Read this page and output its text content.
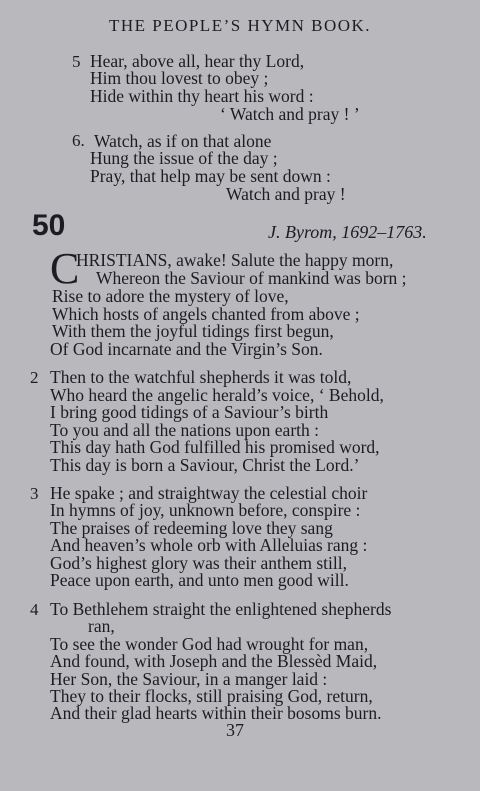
THE PEOPLE’S HYMN BOOK.
5 Hear, above all, hear thy Lord,
Him thou lovest to obey ;
Hide within thy heart his word :
‘ Watch and pray ! ’
6. Watch, as if on that alone
Hung the issue of the day ;
Pray, that help may be sent down :
Watch and pray !
50	J. Byrom, 1692–1763.
C
HRISTIANS, awake! Salute the happy morn,
Whereon the Saviour of mankind was born ;
Rise to adore the mystery of love,
Which hosts of angels chanted from above ;
With them the joyful tidings first begun,
Of God incarnate and the Virgin’s Son.
2 Then to the watchful shepherds it was told,
Who heard the angelic herald’s voice, ‘ Behold,
I bring good tidings of a Saviour’s birth
To you and all the nations upon earth :
This day hath God fulfilled his promised word,
This day is born a Saviour, Christ the Lord.’
3 He spake ; and straightway the celestial choir
In hymns of joy, unknown before, conspire :
The praises of redeeming love they sang
And heaven’s whole orb with Alleluias rang :
God’s highest glory was their anthem still,
Peace upon earth, and unto men good will.
4 To Bethlehem straight the enlightened shepherds
ran,
To see the wonder God had wrought for man,
And found, with Joseph and the Blessèd Maid,
Her Son, the Saviour, in a manger laid :
They to their flocks, still praising God, return,
And their glad hearts within their bosoms burn.
37
